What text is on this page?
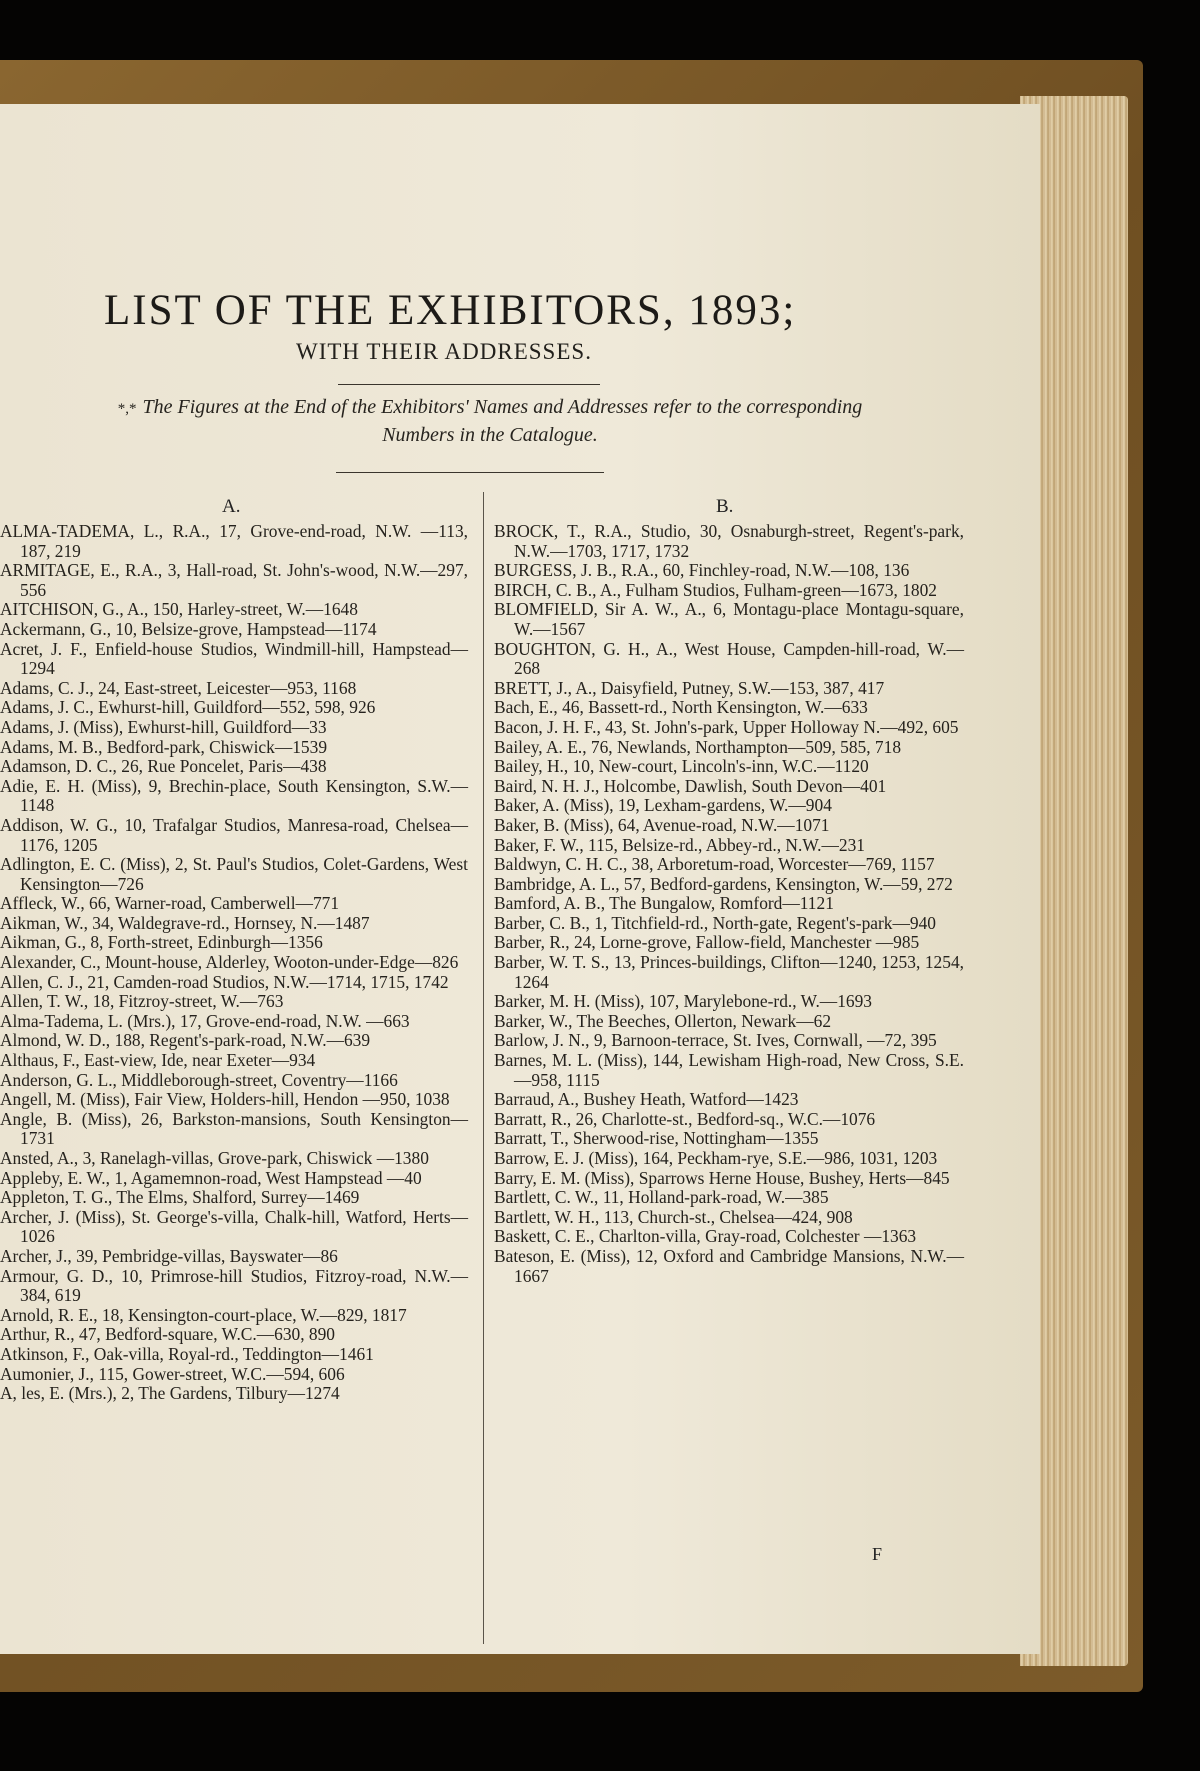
LIST OF THE EXHIBITORS, 1893;
WITH THEIR ADDRESSES.
*,* The Figures at the End of the Exhibitors' Names and Addresses refer to the corresponding
Numbers in the Catalogue.
A.	B.

ALMA-TADEMA, L., R.A., 17, Grove-end-road, N.W. —113, 187, 219

ARMITAGE, E., R.A., 3, Hall-road, St. John's-wood, N.W.—297, 556

AITCHISON, G., A., 150, Harley-street, W.—1648

Ackermann, G., 10, Belsize-grove, Hampstead—1174

Acret, J. F., Enfield-house Studios, Windmill-hill, Hampstead—1294

Adams, C. J., 24, East-street, Leicester—953, 1168

Adams, J. C., Ewhurst-hill, Guildford—552, 598, 926

Adams, J. (Miss), Ewhurst-hill, Guildford—33

Adams, M. B., Bedford-park, Chiswick—1539

Adamson, D. C., 26, Rue Poncelet, Paris—438

Adie, E. H. (Miss), 9, Brechin-place, South Kensington, S.W.—1148

Addison, W. G., 10, Trafalgar Studios, Manresa-road, Chelsea—1176, 1205

Adlington, E. C. (Miss), 2, St. Paul's Studios, Colet-Gardens, West Kensington—726

Affleck, W., 66, Warner-road, Camberwell—771

Aikman, W., 34, Waldegrave-rd., Hornsey, N.—1487

Aikman, G., 8, Forth-street, Edinburgh—1356

Alexander, C., Mount-house, Alderley, Wooton-under-Edge—826

Allen, C. J., 21, Camden-road Studios, N.W.—1714, 1715, 1742

Allen, T. W., 18, Fitzroy-street, W.—763

Alma-Tadema, L. (Mrs.), 17, Grove-end-road, N.W. —663

Almond, W. D., 188, Regent's-park-road, N.W.—639

Althaus, F., East-view, Ide, near Exeter—934

Anderson, G. L., Middleborough-street, Coventry—1166

Angell, M. (Miss), Fair View, Holders-hill, Hendon —950, 1038

Angle, B. (Miss), 26, Barkston-mansions, South Kensington—1731

Ansted, A., 3, Ranelagh-villas, Grove-park, Chiswick —1380

Appleby, E. W., 1, Agamemnon-road, West Hampstead —40

Appleton, T. G., The Elms, Shalford, Surrey—1469

Archer, J. (Miss), St. George's-villa, Chalk-hill, Watford, Herts—1026

Archer, J., 39, Pembridge-villas, Bayswater—86

Armour, G. D., 10, Primrose-hill Studios, Fitzroy-road, N.W.—384, 619

Arnold, R. E., 18, Kensington-court-place, W.—829, 1817

Arthur, R., 47, Bedford-square, W.C.—630, 890

Atkinson, F., Oak-villa, Royal-rd., Teddington—1461

Aumonier, J., 115, Gower-street, W.C.—594, 606

A, les, E. (Mrs.), 2, The Gardens, Tilbury—1274

BROCK, T., R.A., Studio, 30, Osnaburgh-street, Regent's-park, N.W.—1703, 1717, 1732

BURGESS, J. B., R.A., 60, Finchley-road, N.W.—108, 136

BIRCH, C. B., A., Fulham Studios, Fulham-green—1673, 1802

BLOMFIELD, Sir A. W., A., 6, Montagu-place Montagu-square, W.—1567

BOUGHTON, G. H., A., West House, Campden-hill-road, W.—268

BRETT, J., A., Daisyfield, Putney, S.W.—153, 387, 417

Bach, E., 46, Bassett-rd., North Kensington, W.—633

Bacon, J. H. F., 43, St. John's-park, Upper Holloway N.—492, 605

Bailey, A. E., 76, Newlands, Northampton—509, 585, 718

Bailey, H., 10, New-court, Lincoln's-inn, W.C.—1120

Baird, N. H. J., Holcombe, Dawlish, South Devon—401

Baker, A. (Miss), 19, Lexham-gardens, W.—904

Baker, B. (Miss), 64, Avenue-road, N.W.—1071

Baker, F. W., 115, Belsize-rd., Abbey-rd., N.W.—231

Baldwyn, C. H. C., 38, Arboretum-road, Worcester—769, 1157

Bambridge, A. L., 57, Bedford-gardens, Kensington, W.—59, 272

Bamford, A. B., The Bungalow, Romford—1121

Barber, C. B., 1, Titchfield-rd., North-gate, Regent's-park—940

Barber, R., 24, Lorne-grove, Fallow-field, Manchester —985

Barber, W. T. S., 13, Princes-buildings, Clifton—1240, 1253, 1254, 1264

Barker, M. H. (Miss), 107, Marylebone-rd., W.—1693

Barker, W., The Beeches, Ollerton, Newark—62

Barlow, J. N., 9, Barnoon-terrace, St. Ives, Cornwall, —72, 395

Barnes, M. L. (Miss), 144, Lewisham High-road, New Cross, S.E.—958, 1115

Barraud, A., Bushey Heath, Watford—1423

Barratt, R., 26, Charlotte-st., Bedford-sq., W.C.—1076

Barratt, T., Sherwood-rise, Nottingham—1355

Barrow, E. J. (Miss), 164, Peckham-rye, S.E.—986, 1031, 1203

Barry, E. M. (Miss), Sparrows Herne House, Bushey, Herts—845

Bartlett, C. W., 11, Holland-park-road, W.—385

Bartlett, W. H., 113, Church-st., Chelsea—424, 908

Baskett, C. E., Charlton-villa, Gray-road, Colchester —1363

Bateson, E. (Miss), 12, Oxford and Cambridge Mansions, N.W.—1667

F
